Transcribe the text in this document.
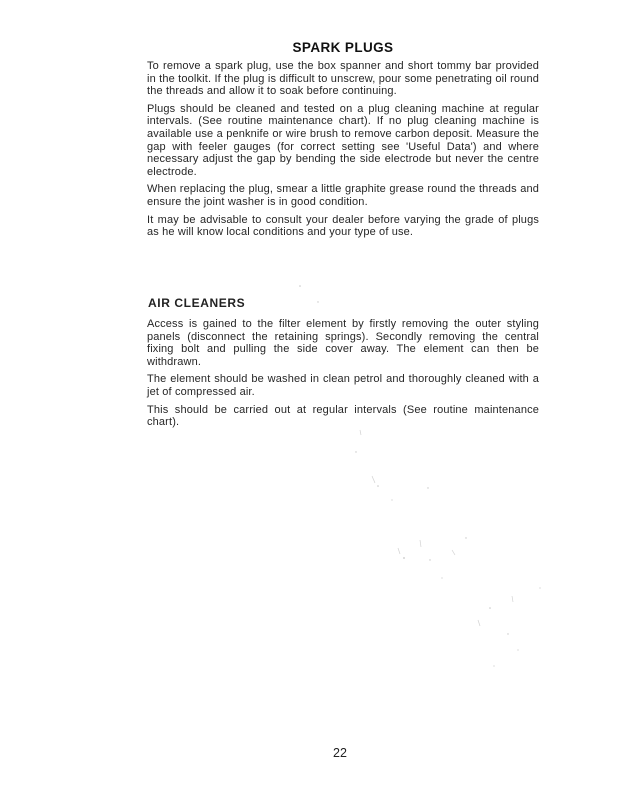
SPARK PLUGS

To remove a spark plug, use the box spanner and short tommy bar provided in the toolkit. If the plug is difficult to unscrew, pour some penetrating oil round the threads and allow it to soak before continuing.

Plugs should be cleaned and tested on a plug cleaning machine at regular intervals. (See routine maintenance chart). If no plug cleaning machine is available use a penknife or wire brush to remove carbon deposit. Measure the gap with feeler gauges (for correct setting see 'Useful Data') and where necessary adjust the gap by bending the side electrode but never the centre electrode.

When replacing the plug, smear a little graphite grease round the threads and ensure the joint washer is in good condition.

It may be advisable to consult your dealer before varying the grade of plugs as he will know local conditions and your type of use.

AIR CLEANERS

Access is gained to the filter element by firstly removing the outer styling panels (disconnect the retaining springs). Secondly removing the central fixing bolt and pulling the side cover away. The element can then be withdrawn.

The element should be washed in clean petrol and thoroughly cleaned with a jet of compressed air.

This should be carried out at regular intervals (See routine maintenance chart).

22
